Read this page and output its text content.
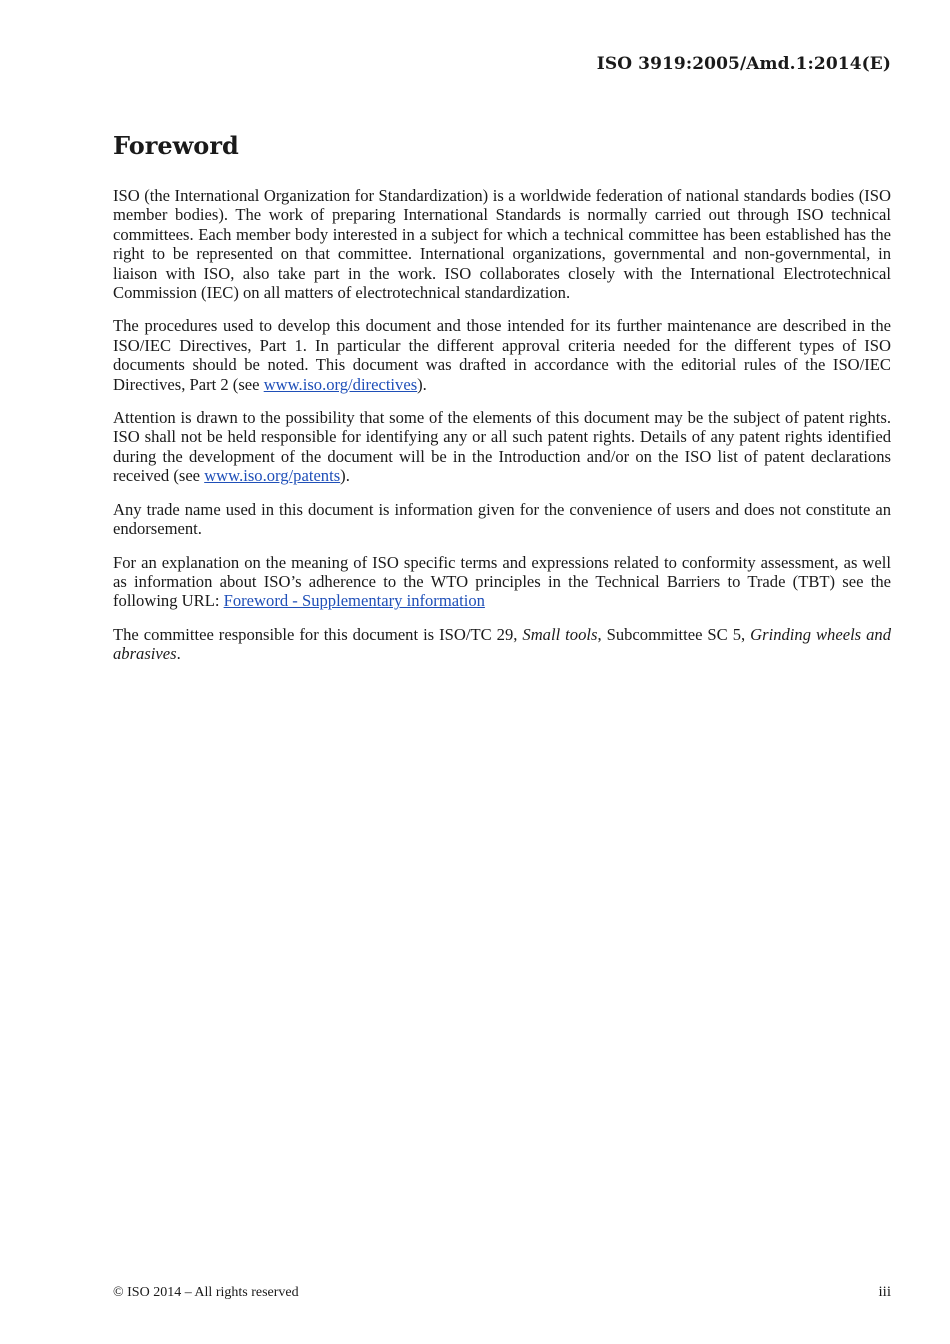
ISO 3919:2005/Amd.1:2014(E)
Foreword

ISO (the International Organization for Standardization) is a worldwide federation of national standards bodies (ISO member bodies). The work of preparing International Standards is normally carried out through ISO technical committees. Each member body interested in a subject for which a technical committee has been established has the right to be represented on that committee. International organizations, governmental and non-governmental, in liaison with ISO, also take part in the work. ISO collaborates closely with the International Electrotechnical Commission (IEC) on all matters of electrotechnical standardization.

The procedures used to develop this document and those intended for its further maintenance are described in the ISO/IEC Directives, Part 1. In particular the different approval criteria needed for the different types of ISO documents should be noted. This document was drafted in accordance with the editorial rules of the ISO/IEC Directives, Part 2 (see www.iso.org/directives).

Attention is drawn to the possibility that some of the elements of this document may be the subject of patent rights. ISO shall not be held responsible for identifying any or all such patent rights. Details of any patent rights identified during the development of the document will be in the Introduction and/or on the ISO list of patent declarations received (see www.iso.org/patents).

Any trade name used in this document is information given for the convenience of users and does not constitute an endorsement.

For an explanation on the meaning of ISO specific terms and expressions related to conformity assessment, as well as information about ISO’s adherence to the WTO principles in the Technical Barriers to Trade (TBT) see the following URL: Foreword - Supplementary information

The committee responsible for this document is ISO/TC 29, Small tools, Subcommittee SC 5, Grinding wheels and abrasives.

© ISO 2014 – All rights reserved	iii
